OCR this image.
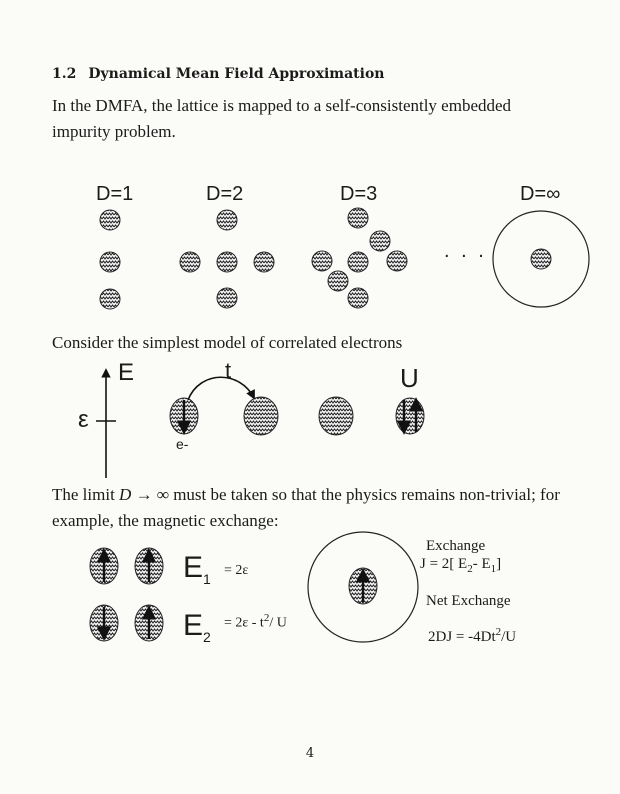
1.2 Dynamical Mean Field Approximation
In the DMFA, the lattice is mapped to a self-consistently embedded impurity problem.
D=1	D=2	D=3	D=∞
. . .
Consider the simplest model of correlated electrons
E
ε
t
e-
U
The limit D → ∞ must be taken so that the physics remains non-trivial; for example, the magnetic exchange:
$E_1$
= 2ε
$E_2$
= $2\varepsilon - t^2/$ U
Exchange
J = 2[ $E_2-$ $E_1$]
Net Exchange
$2DJ = -4Dt^2/U$
4
